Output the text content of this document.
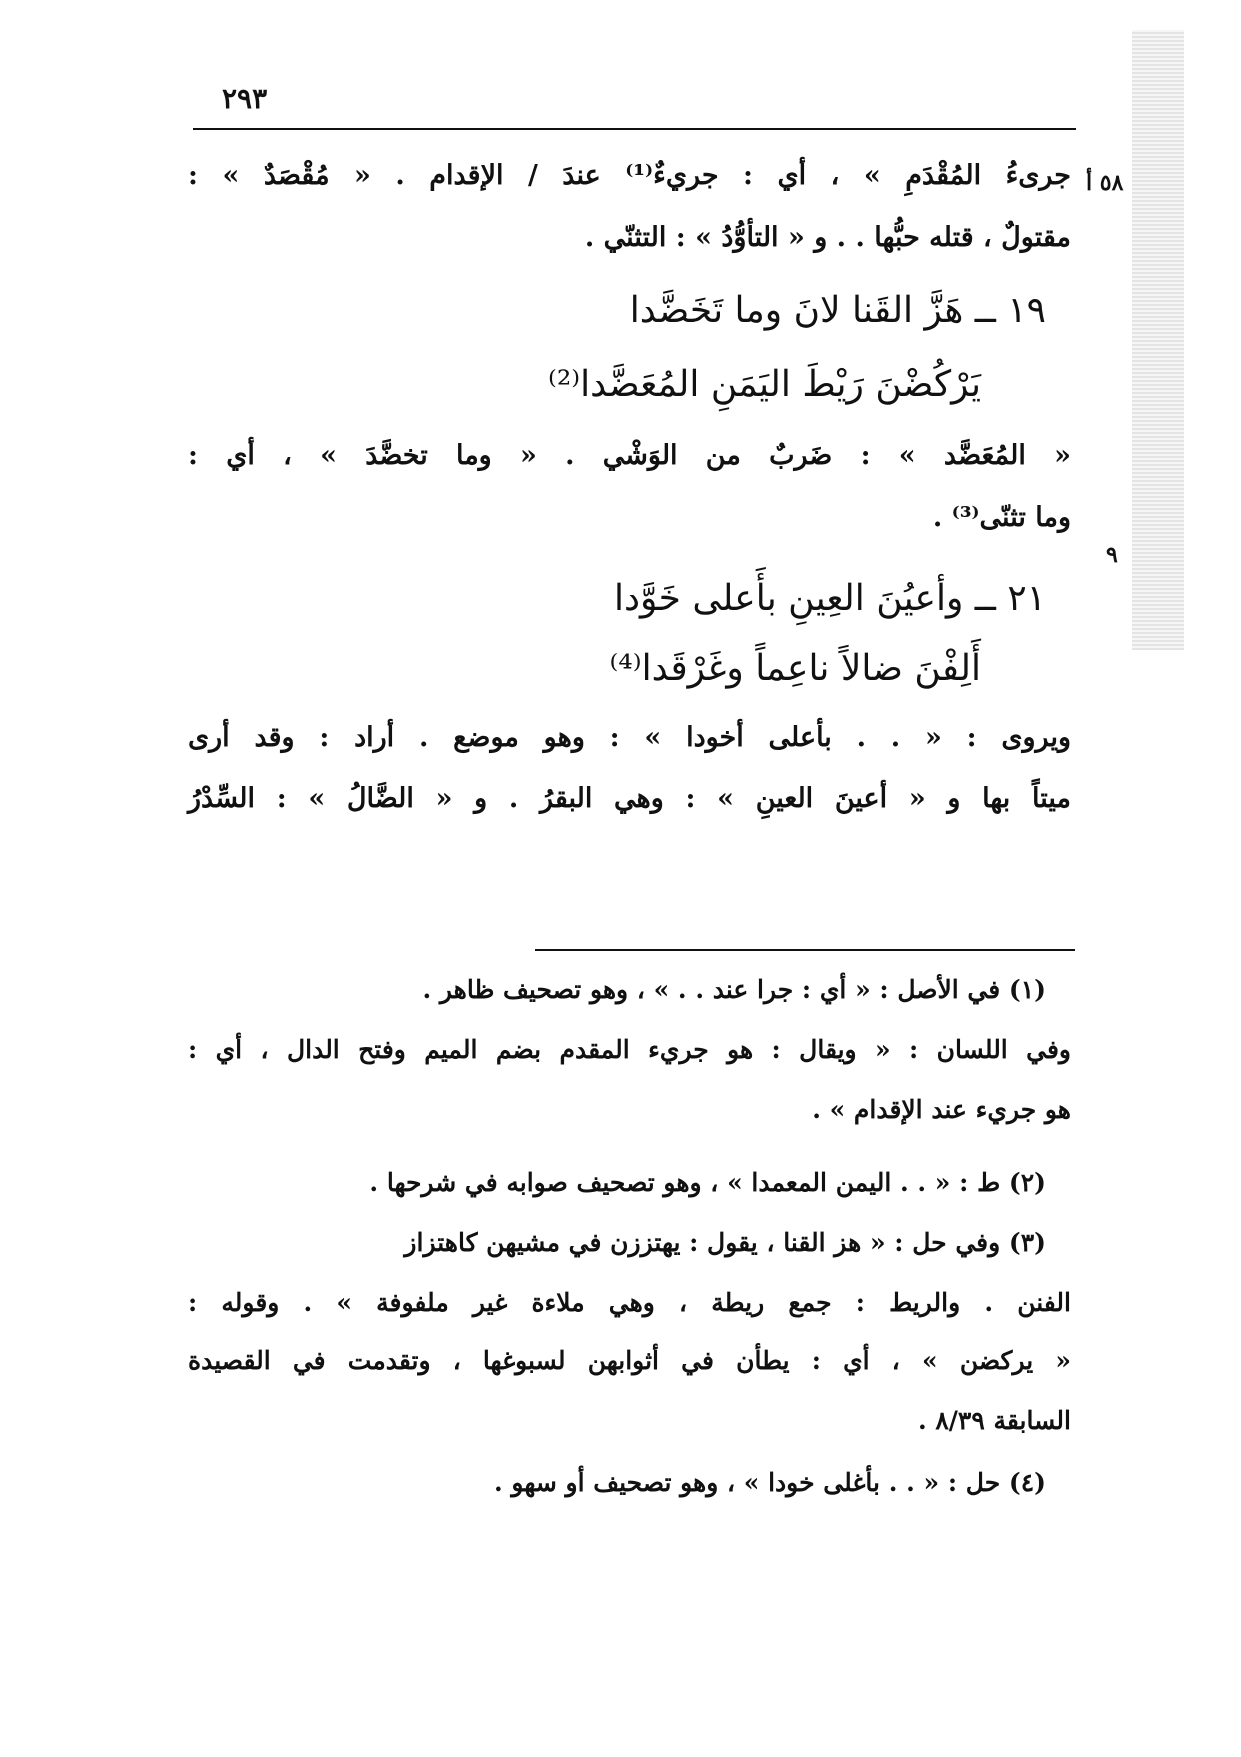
٢٩٣
٥٨ أ
٩
جرىءُ المُقْدَمِ » ، أي : جريءٌ⁽¹⁾ عندَ / الإقدام . « مُقْصَدٌ » :
مقتولٌ ، قتله حبُّها . . و « التأوُّدُ » : التثنّي .
١٩ ــ هَزَّ القَنا لانَ وما تَخَضَّدا
يَرْكُضْنَ رَيْطَ اليَمَنِ المُعَضَّدا⁽²⁾
« المُعَضَّد » : ضَربٌ من الوَشْي . « وما تخضَّدَ » ، أي :
وما تثنّى⁽³⁾ .
٢١ ــ وأعيُنَ العِينِ بأَعلى خَوَّدا
أَلِفْنَ ضالاً ناعِماً وغَرْقَدا⁽⁴⁾
ويروى : « . . بأعلى أخودا » : وهو موضع . أراد : وقد أرى
ميتاً بها و « أعينَ العينِ » : وهي البقرُ . و « الضَّالُ » : السِّدْرُ
(١) في الأصل : « أي : جرا عند . . » ، وهو تصحيف ظاهر .
وفي اللسان : « ويقال : هو جريء المقدم بضم الميم وفتح الدال ، أي :
هو جريء عند الإقدام » .
(٢) ط : « . . اليمن المعمدا » ، وهو تصحيف صوابه في شرحها .
(٣) وفي حل : « هز القنا ، يقول : يهتززن في مشيهن كاهتزاز
الفنن . والريط : جمع ريطة ، وهي ملاءة غير ملفوفة » . وقوله :
« يركضن » ، أي : يطأن في أثوابهن لسبوغها ، وتقدمت في القصيدة
السابقة ٨/٣٩ .
(٤) حل : « . . بأغلى خودا » ، وهو تصحيف أو سهو .
